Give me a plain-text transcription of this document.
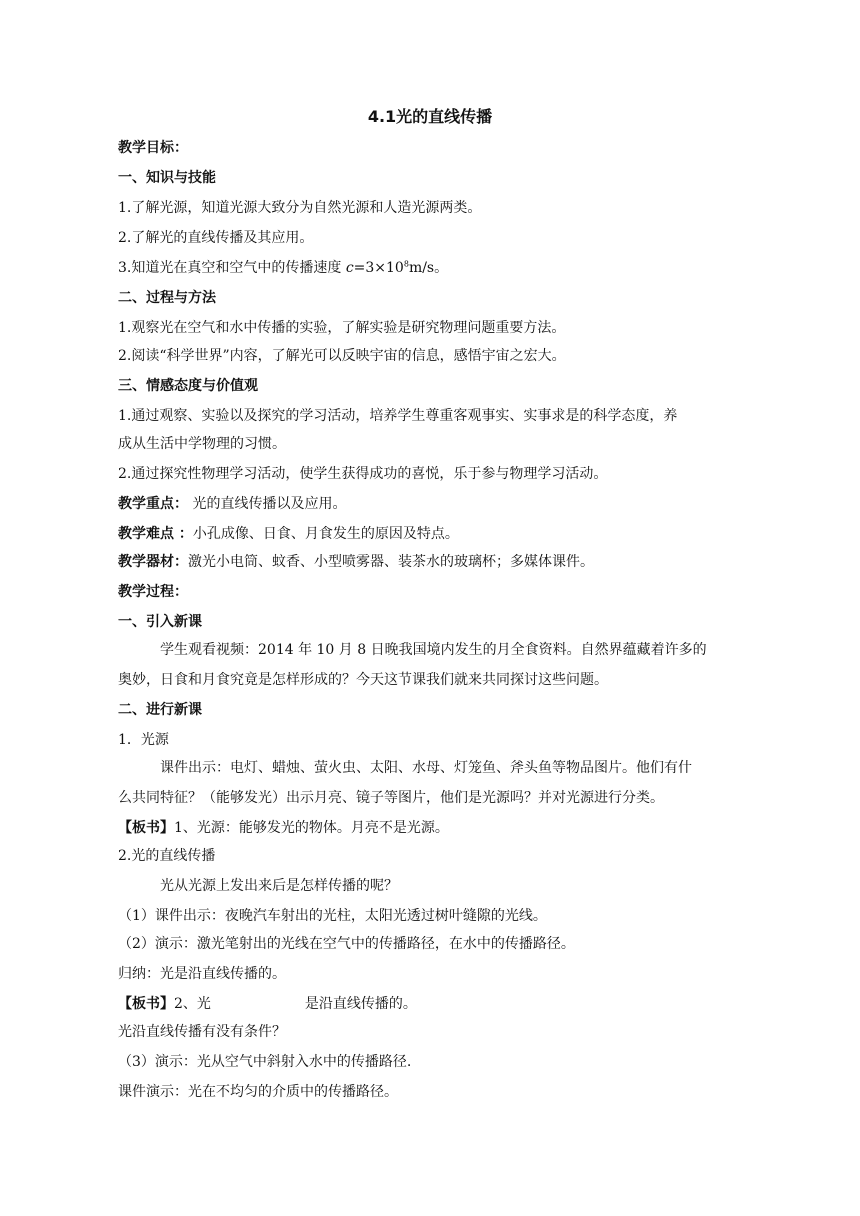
4.1光的直线传播
教学目标：
一、知识与技能
1.了解光源，知道光源大致分为自然光源和人造光源两类。
2.了解光的直线传播及其应用。
3.知道光在真空和空气中的传播速度 $c=3\times 10^8m/s$。
二、过程与方法
1.观察光在空气和水中传播的实验，了解实验是研究物理问题重要方法。
2.阅读“科学世界”内容，了解光可以反映宇宙的信息，感悟宇宙之宏大。
三、情感态度与价值观
1.通过观察、实验以及探究的学习活动，培养学生尊重客观事实、实事求是的科学态度，养
成从生活中学物理的习惯。
2.通过探究性物理学习活动，使学生获得成功的喜悦，乐于参与物理学习活动。
教学重点： 光的直线传播以及应用。
教学难点 ：小孔成像、日食、月食发生的原因及特点。
教学器材：激光小电筒、蚊香、小型喷雾器、装茶水的玻璃杯；多媒体课件。
教学过程：
一、引入新课
学生观看视频：2014 年 10 月 8 日晚我国境内发生的月全食资料。自然界蕴藏着许多的
奥妙，日食和月食究竟是怎样形成的？今天这节课我们就来共同探讨这些问题。
二、进行新课
1．光源
课件出示：电灯、蜡烛、萤火虫、太阳、水母、灯笼鱼、斧头鱼等物品图片。他们有什
么共同特征？（能够发光）出示月亮、镜子等图片，他们是光源吗？并对光源进行分类。
【板书】1、光源：能够发光的物体。月亮不是光源。
2.光的直线传播
光从光源上发出来后是怎样传播的呢？
（1）课件出示：夜晚汽车射出的光柱，太阳光透过树叶缝隙的光线。
（2）演示：激光笔射出的光线在空气中的传播路径，在水中的传播路径。
归纳：光是沿直线传播的。
【板书】2、光	是沿直线传播的。
光沿直线传播有没有条件？
（3）演示：光从空气中斜射入水中的传播路径.
课件演示：光在不均匀的介质中的传播路径。
